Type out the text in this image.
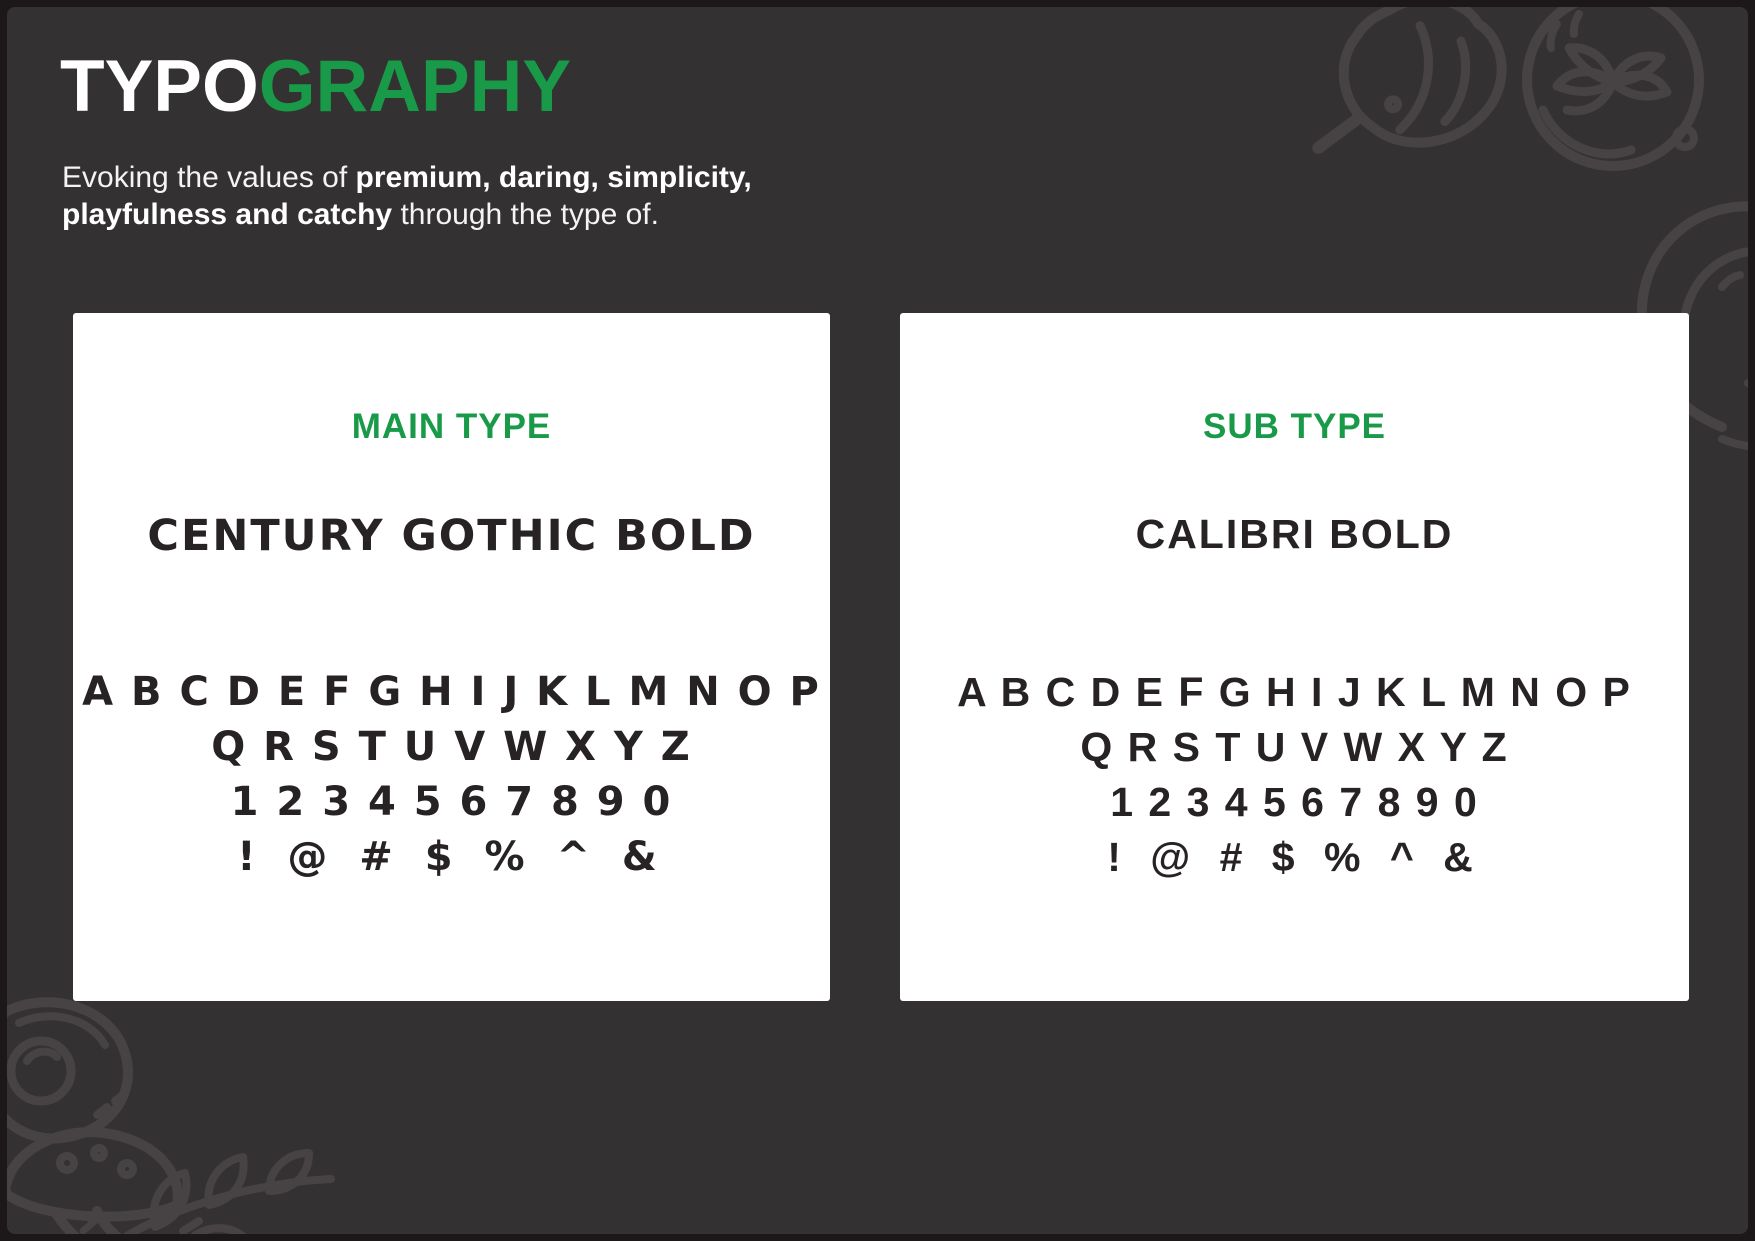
TYPOGRAPHY
Evoking the values of premium, daring, simplicity,
playfulness and catchy through the type of.
MAIN TYPE
CENTURY GOTHIC BOLD
A B C D E F G H I J K L M N O P
Q R S T U V W X Y Z
1 2 3 4 5 6 7 8 9 0
! @ # $ % ^ &
SUB TYPE
CALIBRI BOLD
A B C D E F G H I J K L M N O P
Q R S T U V W X Y Z
1 2 3 4 5 6 7 8 9 0
! @ # $ % ^ &
